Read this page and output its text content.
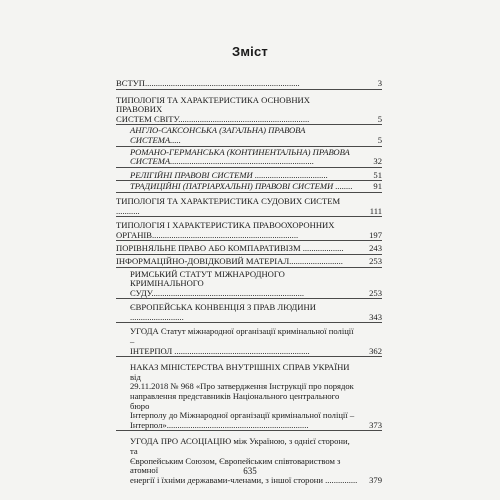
Зміст
ВСТУП........................................................................	3
ТИПОЛОГІЯ ТА ХАРАКТЕРИСТИКА ОСНОВНИХ ПРАВОВИХ
СИСТЕМ СВІТУ.............................................................	5
АНГЛО-САКСОНСЬКА (ЗАГАЛЬНА) ПРАВОВА СИСТЕМА.....	5
РОМАНО-ГЕРМАНСЬКА (КОНТИНЕНТАЛЬНА) ПРАВОВА
СИСТЕМА...................................................................	32
РЕЛІГІЙНІ ПРАВОВІ СИСТЕМИ ..................................	51
ТРАДИЦІЙНІ (ПАТРІАРХАЛЬНІ) ПРАВОВІ СИСТЕМИ ........	91
ТИПОЛОГІЯ ТА ХАРАКТЕРИСТИКА СУДОВИХ СИСТЕМ ...........	111
ТИПОЛОГІЯ І ХАРАКТЕРИСТИКА ПРАВООХОРОННИХ
ОРГАНІВ....................................................................	197
ПОРІВНЯЛЬНЕ ПРАВО АБО КОМПАРАТИВІЗМ ...................	243
ІНФОРМАЦІЙНО-ДОВІДКОВИЙ МАТЕРІАЛ.........................	253
РИМСЬКИЙ СТАТУТ МІЖНАРОДНОГО КРИМІНАЛЬНОГО
СУДУ.......................................................................	253
ЄВРОПЕЙСЬКА КОНВЕНЦІЯ З ПРАВ ЛЮДИНИ .........................	343
УГОДА Статут міжнародної організації кримінальної поліції –
ІНТЕРПОЛ ...............................................................	362
НАКАЗ МІНІСТЕРСТВА ВНУТРІШНІХ СПРАВ УКРАЇНИ від
29.11.2018 № 968 «Про затвердження Інструкції про порядок
направлення представників Національного центрального бюро
Інтерполу до Міжнародної організації кримінальної поліції –
Інтерпол»..................................................................	373
УГОДА ПРО АСОЦІАЦІЮ між Україною, з однієї сторони, та
Європейським Союзом, Європейським співтовариством з атомної
енергії і їхніми державами-членами, з іншої сторони ...............	379
635
